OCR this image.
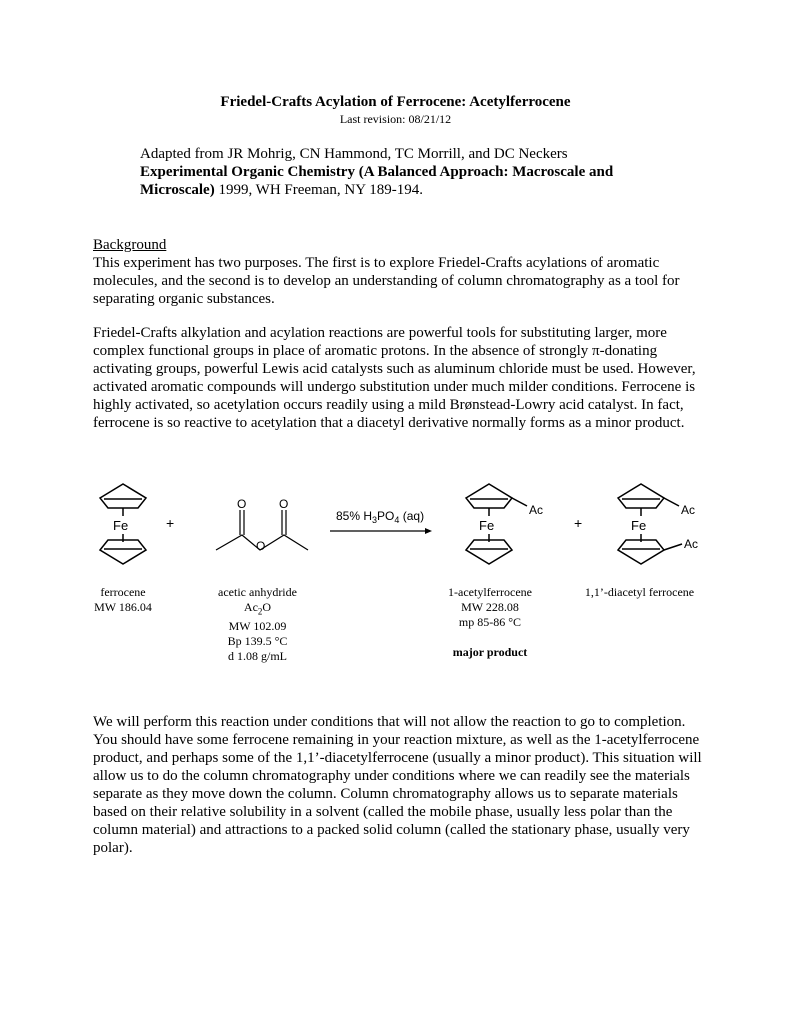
Friedel-Crafts Acylation of Ferrocene: Acetylferrocene
Last revision: 08/21/12
Adapted from JR Mohrig, CN Hammond, TC Morrill, and DC Neckers
Experimental Organic Chemistry (A Balanced Approach: Macroscale and
Microscale) 1999, WH Freeman, NY 189-194.
Background
This experiment has two purposes. The first is to explore Friedel-Crafts acylations of aromatic molecules, and the second is to develop an understanding of column chromatography as a tool for separating organic substances.
Friedel-Crafts alkylation and acylation reactions are powerful tools for substituting larger, more complex functional groups in place of aromatic protons. In the absence of strongly π-donating activating groups, powerful Lewis acid catalysts such as aluminum chloride must be used. However, activated aromatic compounds will undergo substitution under much milder conditions. Ferrocene is highly activated, so acetylation occurs readily using a mild Brønstead-Lowry acid catalyst. In fact, ferrocene is so reactive to acetylation that a diacetyl derivative normally forms as a minor product.
Fe	+
O	O
O
85% $H_3PO_4$ (aq)	Ac
Fe	+
Ac
Ac
Fe
ferrocene
MW 186.04
acetic anhydride
$Ac_2O$
MW 102.09
Bp 139.5 °C
d 1.08 g/mL
1-acetylferrocene
MW 228.08
mp 85-86 °C
major product
1,1’-diacetyl ferrocene
We will perform this reaction under conditions that will not allow the reaction to go to completion. You should have some ferrocene remaining in your reaction mixture, as well as the 1-acetylferrocene product, and perhaps some of the 1,1’-diacetylferrocene (usually a minor product). This situation will allow us to do the column chromatography under conditions where we can readily see the materials separate as they move down the column. Column chromatography allows us to separate materials based on their relative solubility in a solvent (called the mobile phase, usually less polar than the column material) and attractions to a packed solid column (called the stationary phase, usually very polar).
